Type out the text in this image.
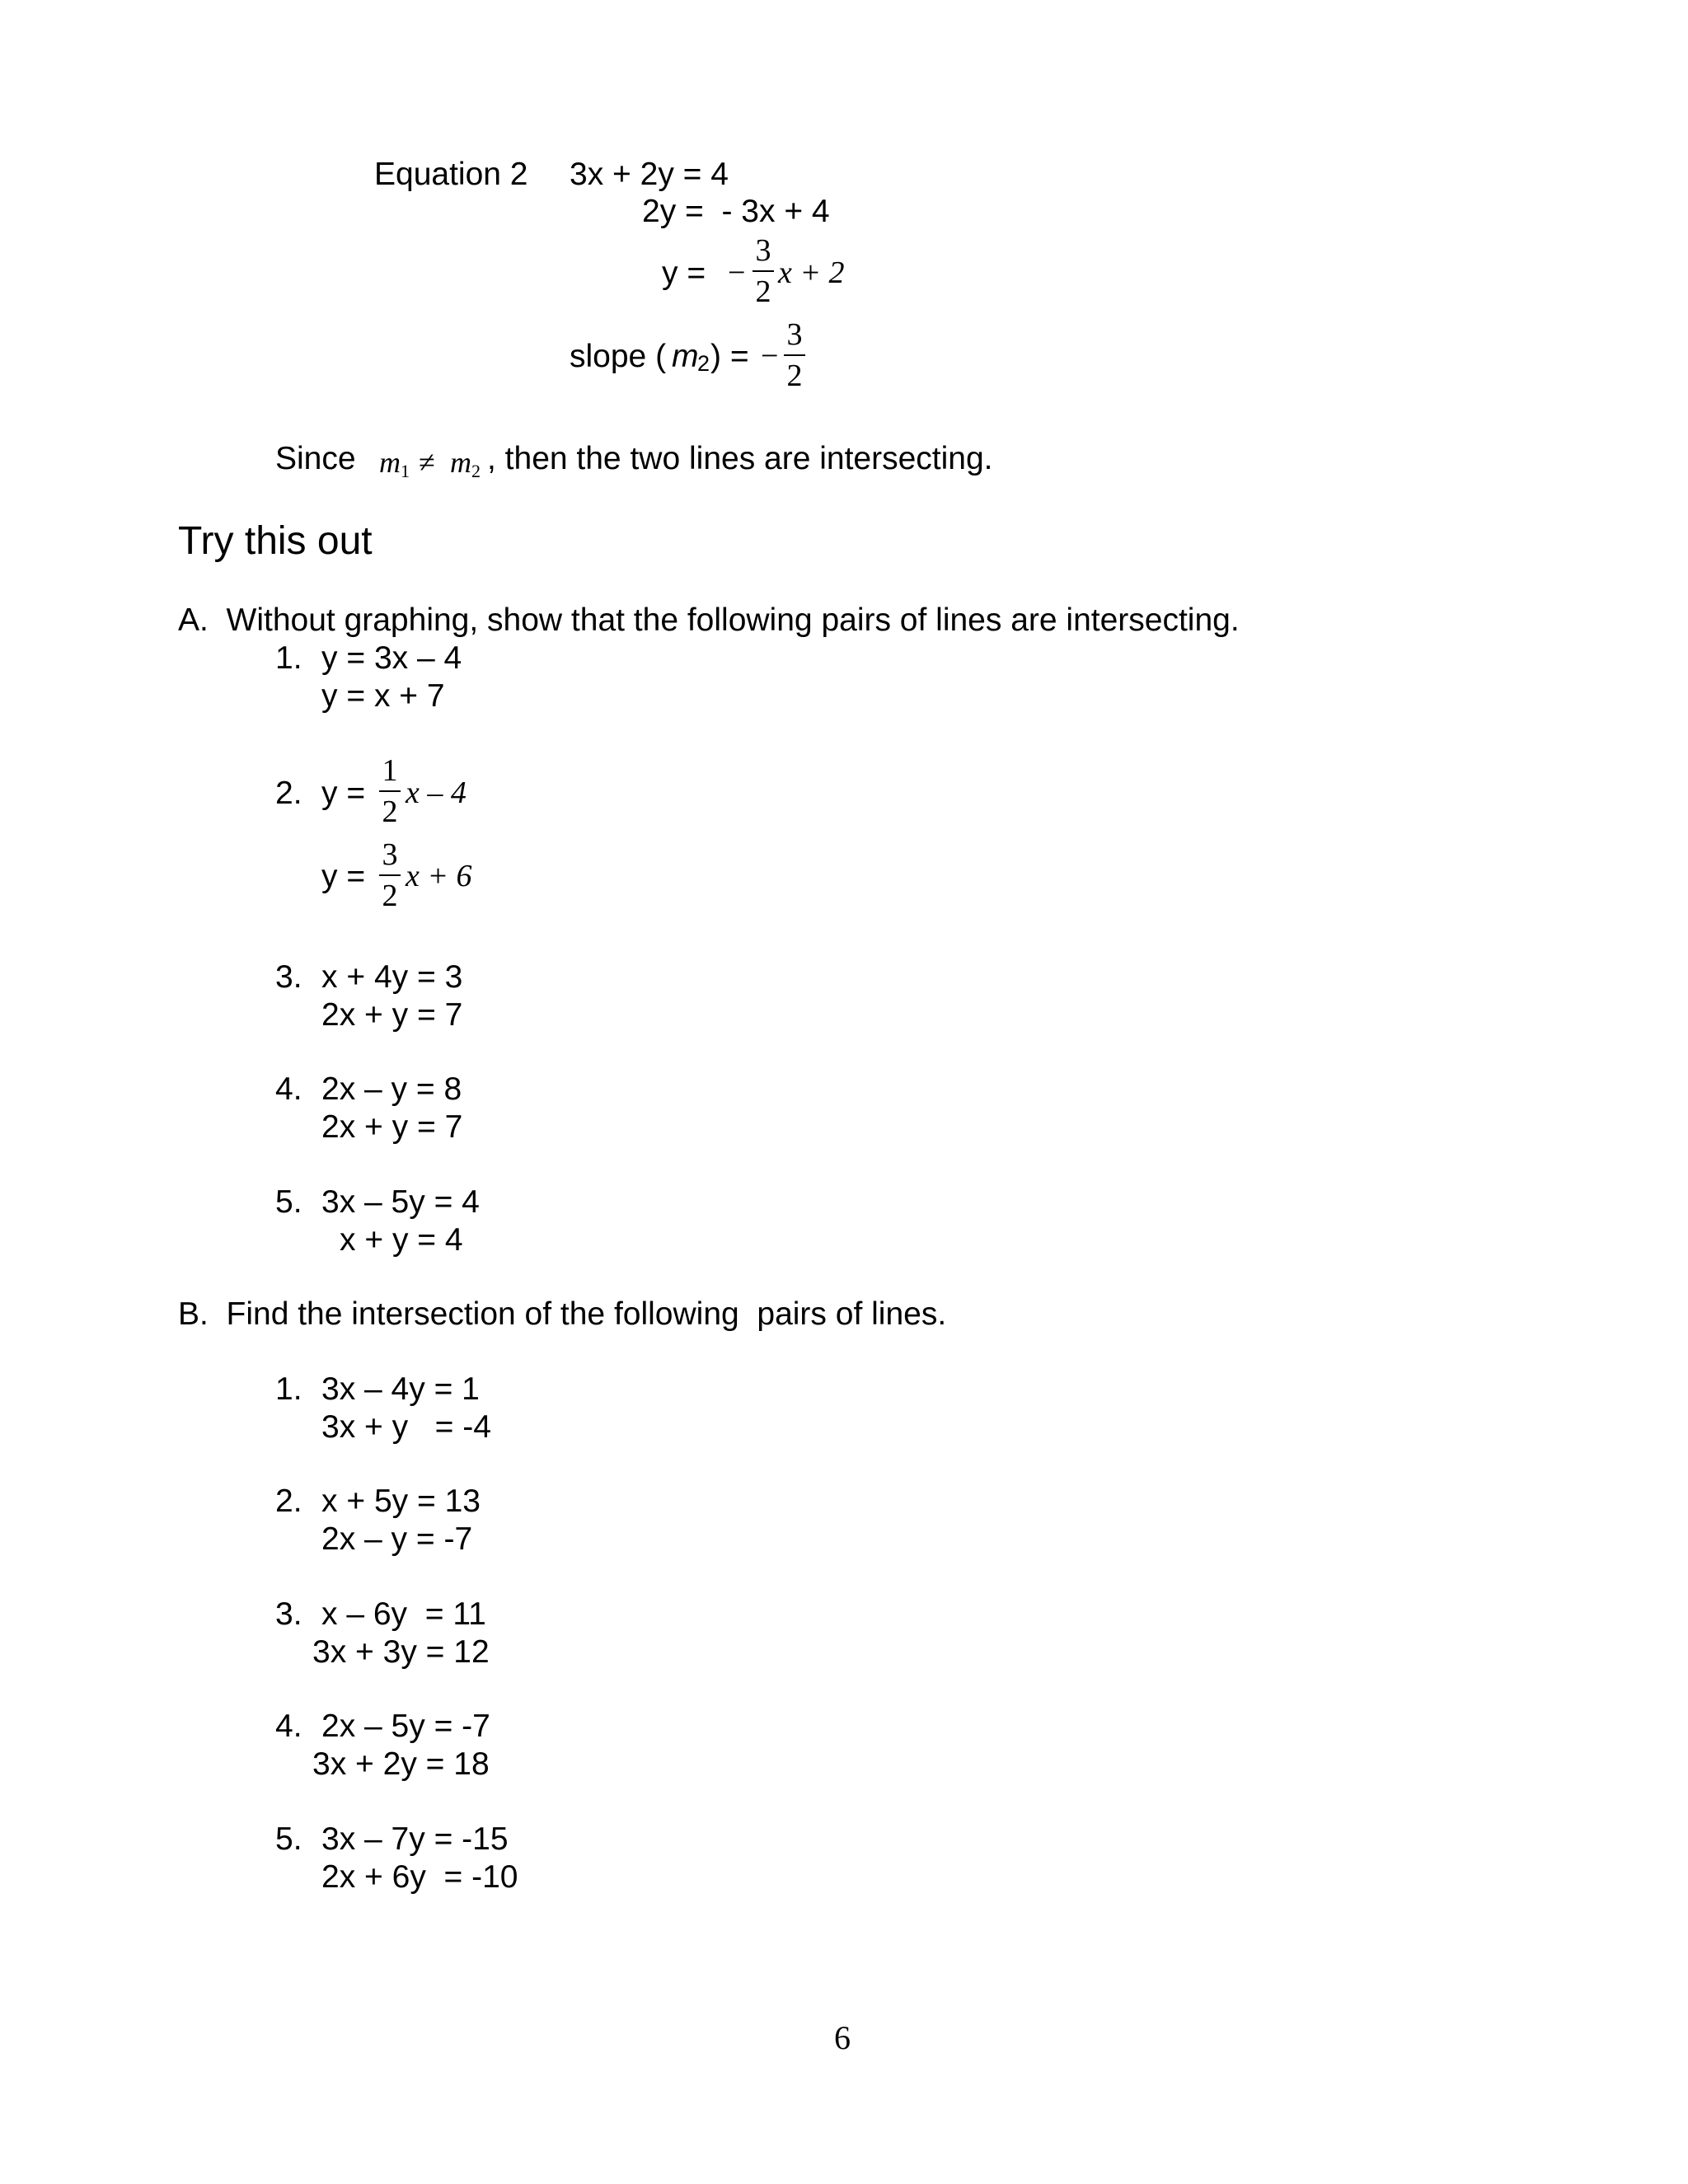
Equation 2 3x + 2y = 4
2y =  - 3x + 4
y = −
3
2
x + 2
slope ( m
2 ) = −
3
2
Since m 1 ≠ m 2 , then the two lines are intersecting.
Try this out
A.  Without graphing, show that the following pairs of lines are intersecting.
1. y = 3x – 4
y = x + 7
2. y =
1
2
x – 4
y =
3
2
x + 6
3. x + 4y = 3
2x + y = 7
4. 2x – y = 8
2x + y = 7
5. 3x – 5y = 4
x + y = 4
B.  Find the intersection of the following  pairs of lines.
1. 3x – 4y = 1
3x + y   = -4
2. x + 5y = 13
2x – y = -7
3. x – 6y  = 11
3x + 3y = 12
4. 2x – 5y = -7
3x + 2y = 18
5. 3x – 7y = -15
2x + 6y  = -10
6
